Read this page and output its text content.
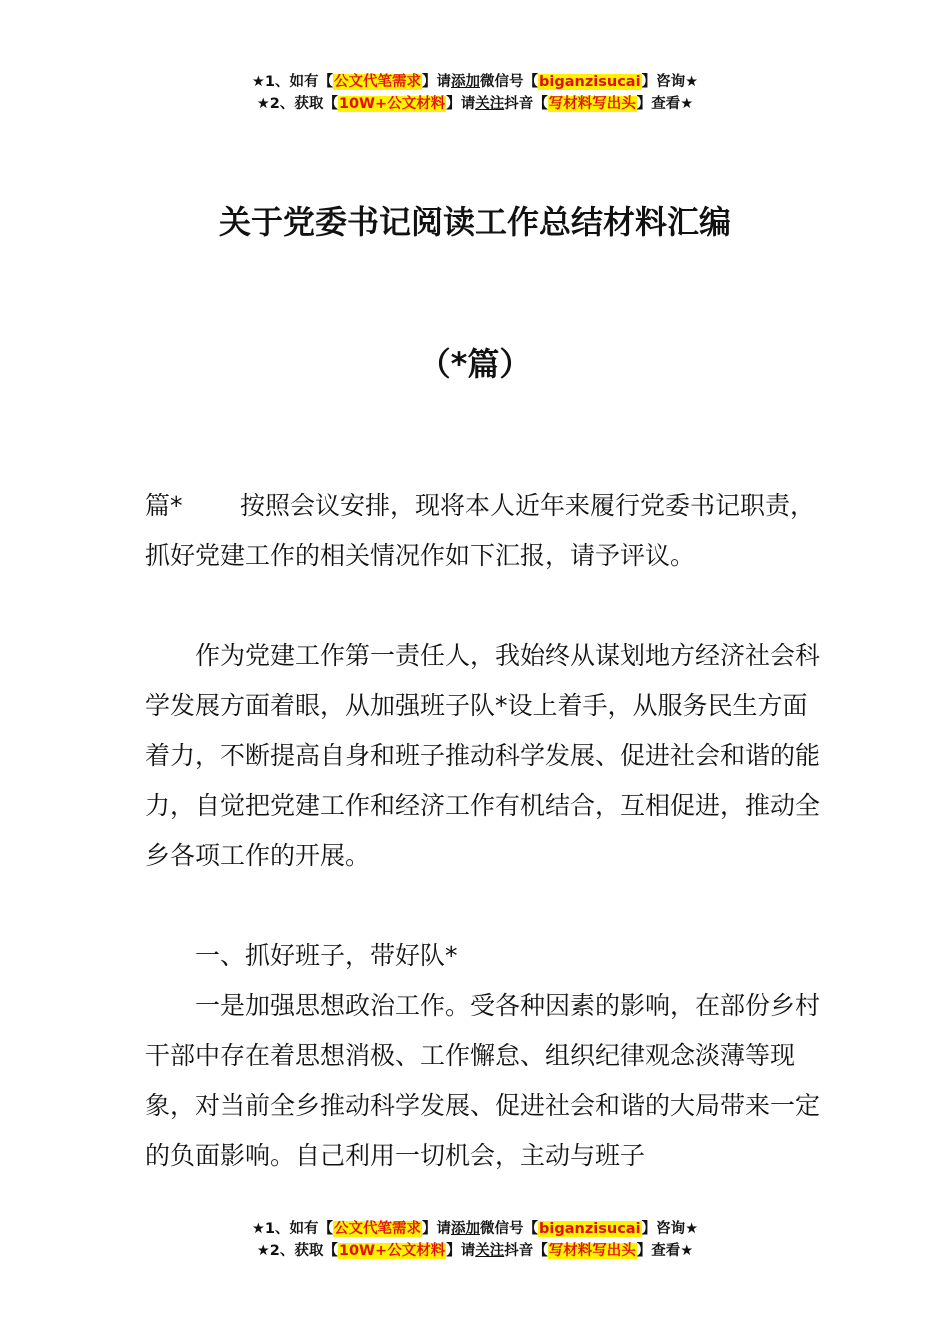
★1、如有【公文代笔需求】请添加微信号【biganzisucai】咨询★
★2、获取【10W+公文材料】请关注抖音【写材料写出头】查看★
关于党委书记阅读工作总结材料汇编
（*篇）

篇* 按照会议安排，现将本人近年来履行党委书记职责，抓好党建工作的相关情况作如下汇报，请予评议。

作为党建工作第一责任人，我始终从谋划地方经济社会科学发展方面着眼，从加强班子队*设上着手，从服务民生方面着力，不断提高自身和班子推动科学发展、促进社会和谐的能力，自觉把党建工作和经济工作有机结合，互相促进，推动全乡各项工作的开展。

一、抓好班子，带好队*

一是加强思想政治工作。受各种因素的影响，在部份乡村干部中存在着思想消极、工作懈怠、组织纪律观念淡薄等现象，对当前全乡推动科学发展、促进社会和谐的大局带来一定的负面影响。自己利用一切机会，主动与班子

★1、如有【公文代笔需求】请添加微信号【biganzisucai】咨询★
★2、获取【10W+公文材料】请关注抖音【写材料写出头】查看★
